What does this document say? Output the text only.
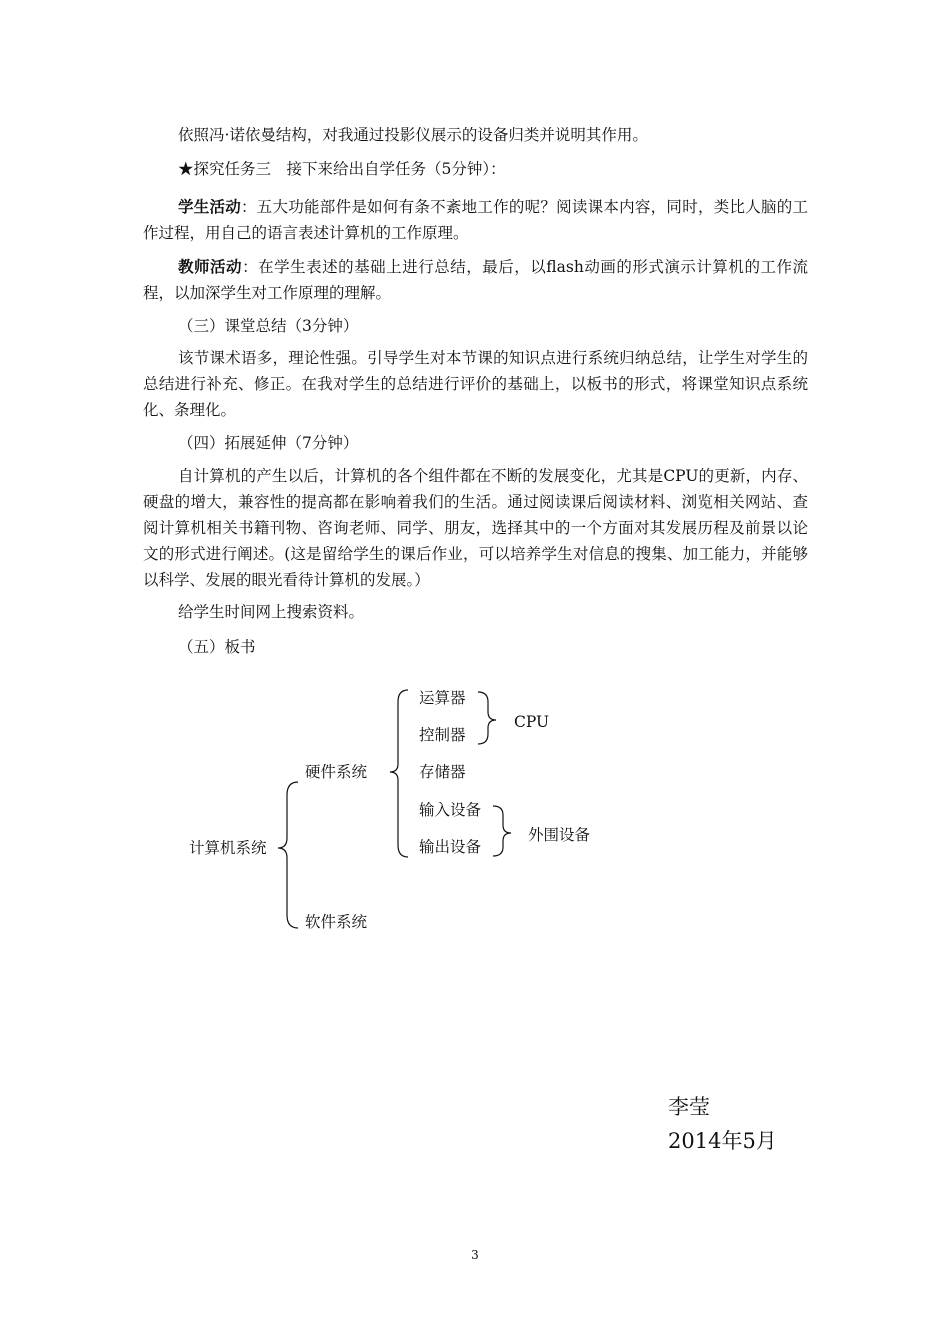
依照冯·诺依曼结构，对我通过投影仪展示的设备归类并说明其作用。
★探究任务三　接下来给出自学任务（5分钟）：
学生活动：五大功能部件是如何有条不紊地工作的呢？阅读课本内容，同时，类比人脑的工作过程，用自己的语言表述计算机的工作原理。
教师活动：在学生表述的基础上进行总结，最后，以flash动画的形式演示计算机的工作流程，以加深学生对工作原理的理解。
（三）课堂总结（3分钟）
该节课术语多，理论性强。引导学生对本节课的知识点进行系统归纳总结，让学生对学生的总结进行补充、修正。在我对学生的总结进行评价的基础上，以板书的形式，将课堂知识点系统化、条理化。
（四）拓展延伸（7分钟）
自计算机的产生以后，计算机的各个组件都在不断的发展变化，尤其是CPU的更新，内存、硬盘的增大，兼容性的提高都在影响着我们的生活。通过阅读课后阅读材料、浏览相关网站、查阅计算机相关书籍刊物、咨询老师、同学、朋友，选择其中的一个方面对其发展历程及前景以论文的形式进行阐述。(这是留给学生的课后作业，可以培养学生对信息的搜集、加工能力，并能够以科学、发展的眼光看待计算机的发展。）
给学生时间网上搜索资料。
（五）板书
计算机系统
硬件系统
软件系统
运算器
控制器
CPU
存储器
输入设备
输出设备
外围设备
李莹
2014年5月
3
